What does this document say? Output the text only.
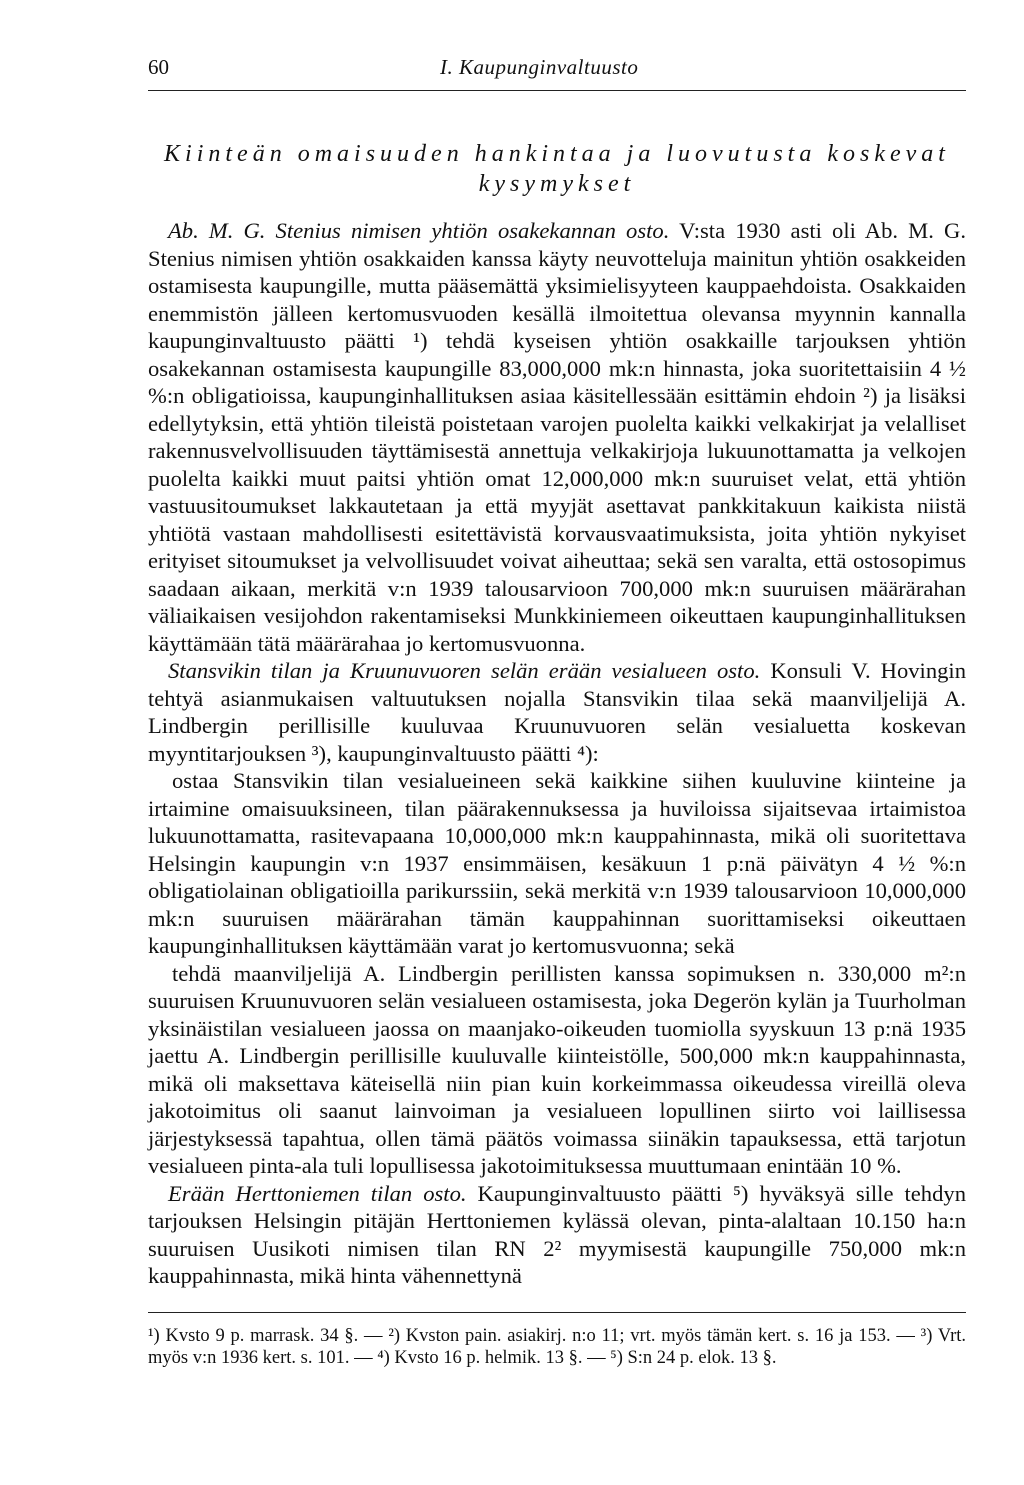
60	I. Kaupunginvaltuusto
Kiinteän omaisuuden hankintaa ja luovutusta koskevat kysymykset

Ab. M. G. Stenius nimisen yhtiön osakekannan osto. V:sta 1930 asti oli Ab. M. G. Stenius nimisen yhtiön osakkaiden kanssa käyty neuvotteluja mainitun yhtiön osakkeiden ostamisesta kaupungille, mutta pääsemättä yksimielisyyteen kauppaehdoista. Osakkaiden enemmistön jälleen kertomusvuoden kesällä ilmoitettua olevansa myynnin kannalla kaupunginvaltuusto päätti ¹) tehdä kyseisen yhtiön osakkaille tarjouksen yhtiön osakekannan ostamisesta kaupungille 83,000,000 mk:n hinnasta, joka suoritettaisiin 4 ½ %:n obligatioissa, kaupunginhallituksen asiaa käsitellessään esittämin ehdoin ²) ja lisäksi edellytyksin, että yhtiön tileistä poistetaan varojen puolelta kaikki velkakirjat ja velalliset rakennusvelvollisuuden täyttämisestä annettuja velkakirjoja lukuunottamatta ja velkojen puolelta kaikki muut paitsi yhtiön omat 12,000,000 mk:n suuruiset velat, että yhtiön vastuusitoumukset lakkautetaan ja että myyjät asettavat pankkitakuun kaikista niistä yhtiötä vastaan mahdollisesti esitettävistä korvausvaatimuksista, joita yhtiön nykyiset erityiset sitoumukset ja velvollisuudet voivat aiheuttaa; sekä sen varalta, että ostosopimus saadaan aikaan, merkitä v:n 1939 talousarvioon 700,000 mk:n suuruisen määrärahan väliaikaisen vesijohdon rakentamiseksi Munkkiniemeen oikeuttaen kaupunginhallituksen käyttämään tätä määrärahaa jo kertomusvuonna.

Stansvikin tilan ja Kruunuvuoren selän erään vesialueen osto. Konsuli V. Hovingin tehtyä asianmukaisen valtuutuksen nojalla Stansvikin tilaa sekä maanviljelijä A. Lindbergin perillisille kuuluvaa Kruunuvuoren selän vesialuetta koskevan myyntitarjouksen ³), kaupunginvaltuusto päätti ⁴):

ostaa Stansvikin tilan vesialueineen sekä kaikkine siihen kuuluvine kiinteine ja irtaimine omaisuuksineen, tilan päärakennuksessa ja huviloissa sijaitsevaa irtaimistoa lukuunottamatta, rasitevapaana 10,000,000 mk:n kauppahinnasta, mikä oli suoritettava Helsingin kaupungin v:n 1937 ensimmäisen, kesäkuun 1 p:nä päivätyn 4 ½ %:n obligatiolainan obligatioilla parikurssiin, sekä merkitä v:n 1939 talousarvioon 10,000,000 mk:n suuruisen määrärahan tämän kauppahinnan suorittamiseksi oikeuttaen kaupunginhallituksen käyttämään varat jo kertomusvuonna; sekä

tehdä maanviljelijä A. Lindbergin perillisten kanssa sopimuksen n. 330,000 m²:n suuruisen Kruunuvuoren selän vesialueen ostamisesta, joka Degerön kylän ja Tuurholman yksinäistilan vesialueen jaossa on maanjako-oikeuden tuomiolla syyskuun 13 p:nä 1935 jaettu A. Lindbergin perillisille kuuluvalle kiinteistölle, 500,000 mk:n kauppahinnasta, mikä oli maksettava käteisellä niin pian kuin korkeimmassa oikeudessa vireillä oleva jakotoimitus oli saanut lainvoiman ja vesialueen lopullinen siirto voi laillisessa järjestyksessä tapahtua, ollen tämä päätös voimassa siinäkin tapauksessa, että tarjotun vesialueen pinta-ala tuli lopullisessa jakotoimituksessa muuttumaan enintään 10 %.

Erään Herttoniemen tilan osto. Kaupunginvaltuusto päätti ⁵) hyväksyä sille tehdyn tarjouksen Helsingin pitäjän Herttoniemen kylässä olevan, pinta-alaltaan 10.150 ha:n suuruisen Uusikoti nimisen tilan RN 2² myymisestä kaupungille 750,000 mk:n kauppahinnasta, mikä hinta vähennettynä

¹) Kvsto 9 p. marrask. 34 §. — ²) Kvston pain. asiakirj. n:o 11; vrt. myös tämän kert. s. 16 ja 153. — ³) Vrt. myös v:n 1936 kert. s. 101. — ⁴) Kvsto 16 p. helmik. 13 §. — ⁵) S:n 24 p. elok. 13 §.
